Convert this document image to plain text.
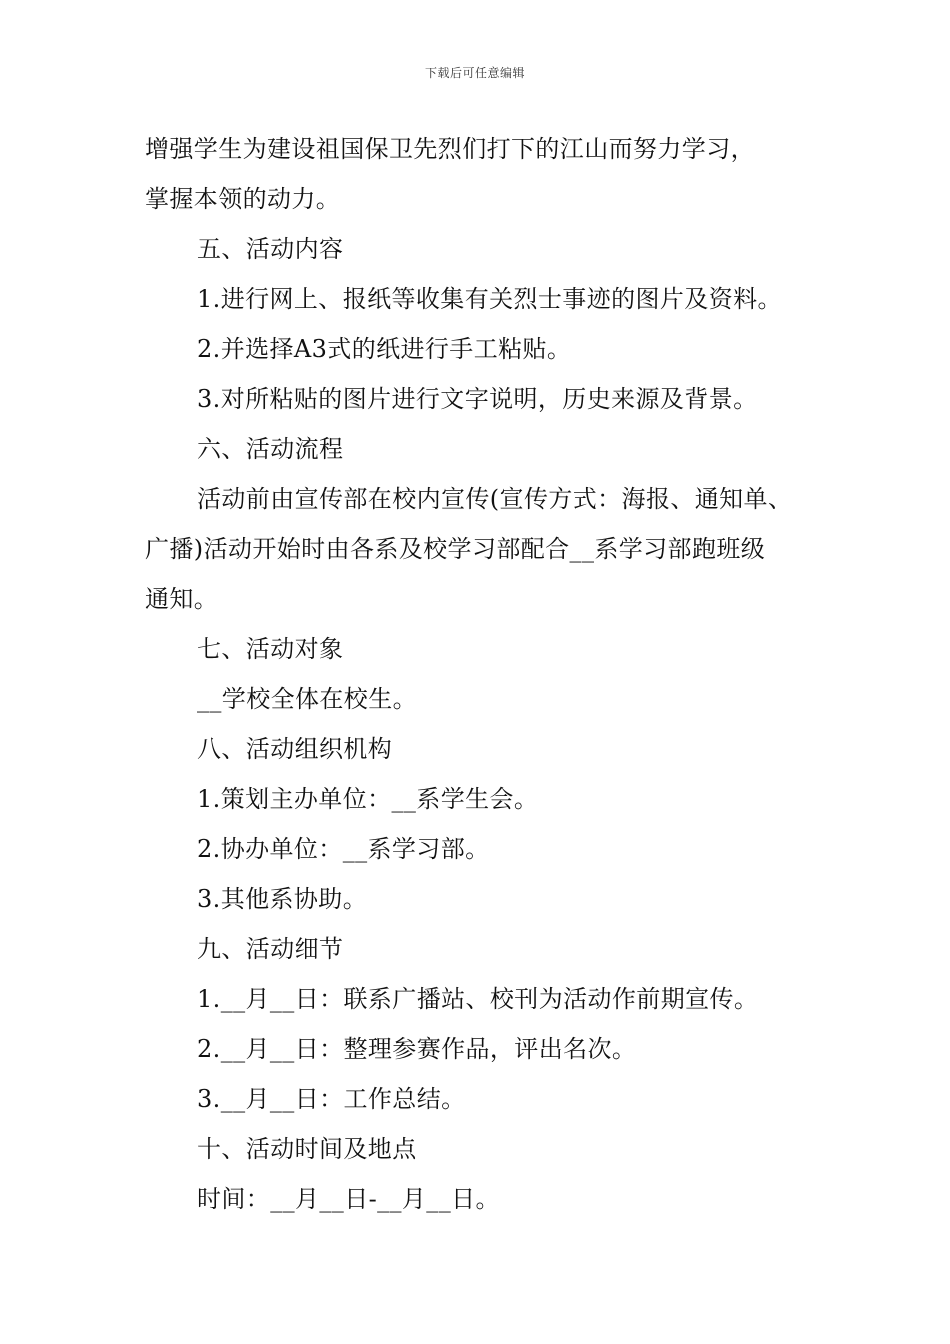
下载后可任意编辑
增强学生为建设祖国保卫先烈们打下的江山而努力学习，
掌握本领的动力。
五、活动内容
1.进行网上、报纸等收集有关烈士事迹的图片及资料。
2.并选择A3式的纸进行手工粘贴。
3.对所粘贴的图片进行文字说明，历史来源及背景。
六、活动流程
活动前由宣传部在校内宣传(宣传方式：海报、通知单、
广播)活动开始时由各系及校学习部配合__系学习部跑班级
通知。
七、活动对象
__学校全体在校生。
八、活动组织机构
1.策划主办单位：__系学生会。
2.协办单位：__系学习部。
3.其他系协助。
九、活动细节
1.__月__日：联系广播站、校刊为活动作前期宣传。
2.__月__日：整理参赛作品，评出名次。
3.__月__日：工作总结。
十、活动时间及地点
时间：__月__日-__月__日。
